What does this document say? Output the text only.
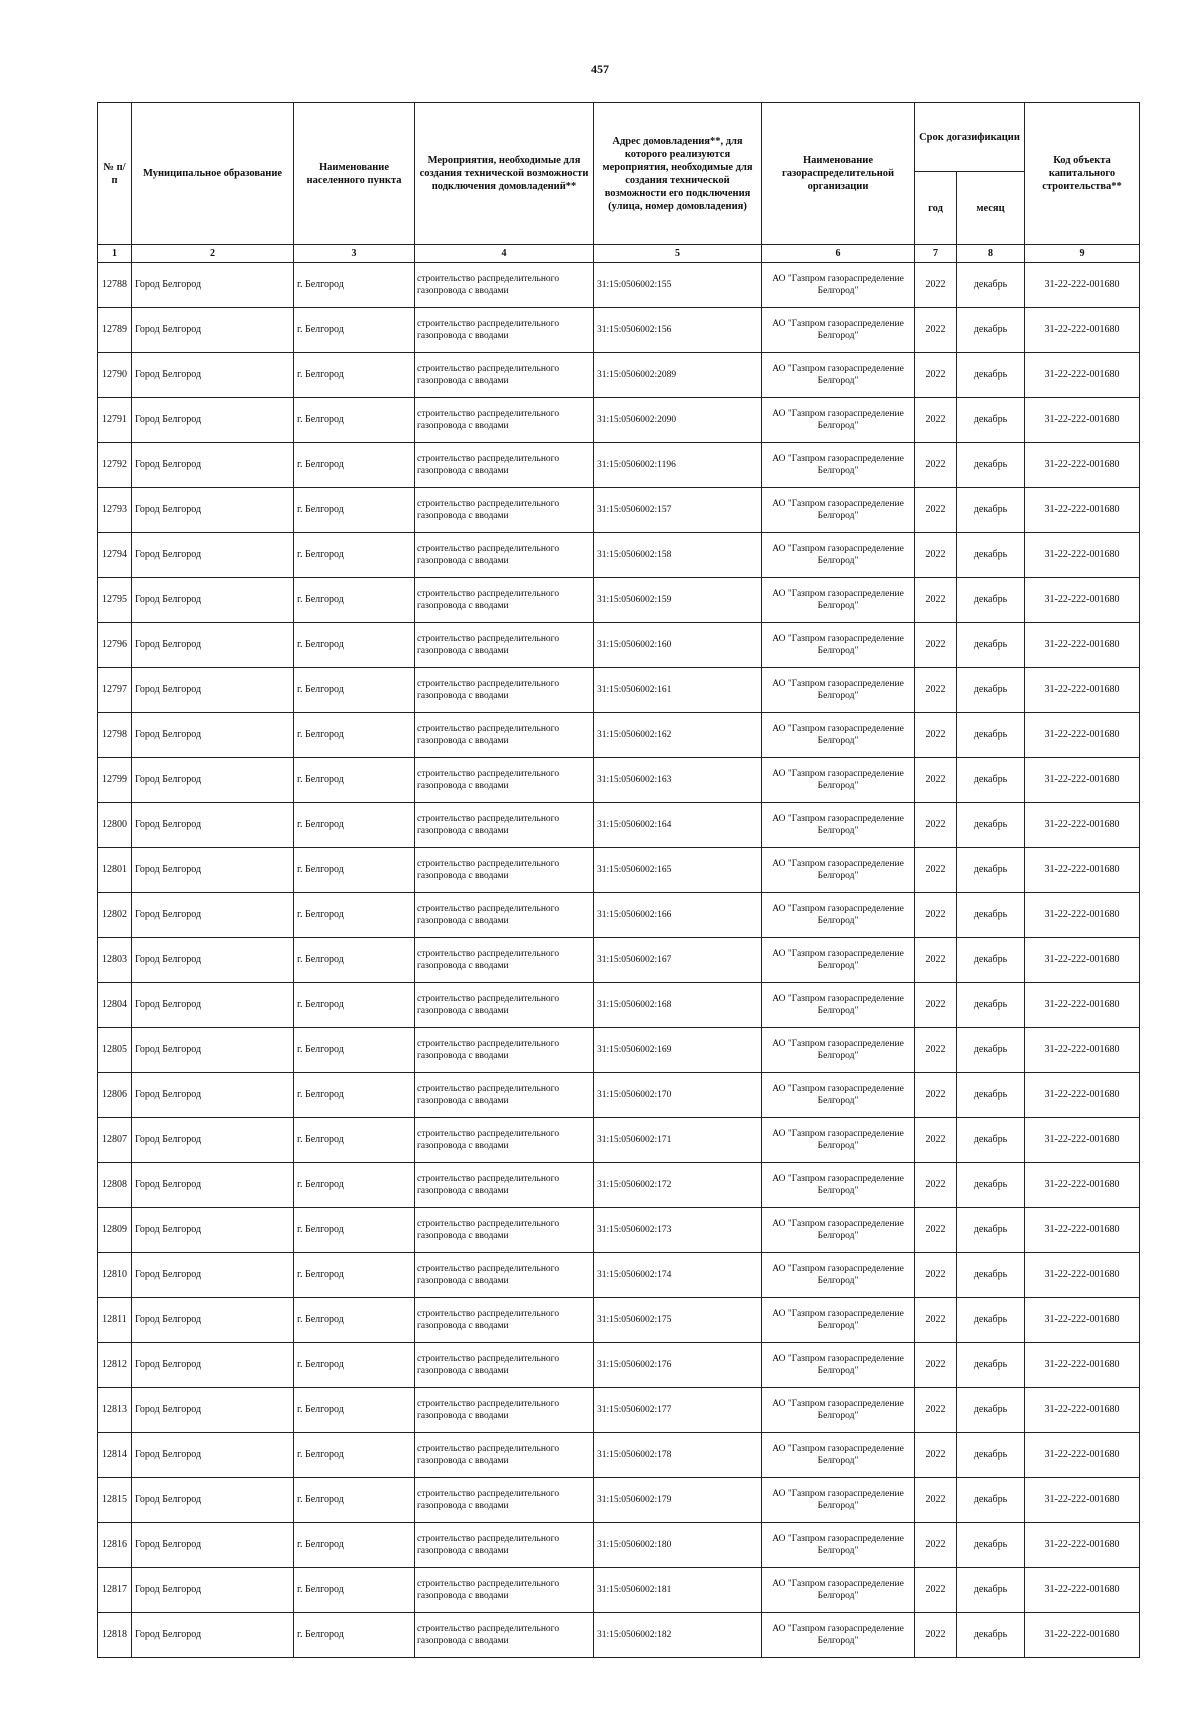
457
№ п/п	Муниципальное образование	Наименование населенного пункта	Мероприятия, необходимые для создания технической возможности подключения домовладений**	Адрес домовладения**, для которого реализуются мероприятия, необходимые для создания технической возможности его подключения (улица, номер домовладения)	Наименование газораспределительной организации	Срок догазификации		Код объекта капитального строительства**
						год	месяц	
1	2	3	4	5	6	7	8	9
12788	Город Белгород	г. Белгород	строительство распределительного газопровода с вводами	31:15:0506002:155	АО "Газпром газораспределение Белгород"	2022	декабрь	31-22-222-001680
12789	Город Белгород	г. Белгород	строительство распределительного газопровода с вводами	31:15:0506002:156	АО "Газпром газораспределение Белгород"	2022	декабрь	31-22-222-001680
12790	Город Белгород	г. Белгород	строительство распределительного газопровода с вводами	31:15:0506002:2089	АО "Газпром газораспределение Белгород"	2022	декабрь	31-22-222-001680
12791	Город Белгород	г. Белгород	строительство распределительного газопровода с вводами	31:15:0506002:2090	АО "Газпром газораспределение Белгород"	2022	декабрь	31-22-222-001680
12792	Город Белгород	г. Белгород	строительство распределительного газопровода с вводами	31:15:0506002:1196	АО "Газпром газораспределение Белгород"	2022	декабрь	31-22-222-001680
12793	Город Белгород	г. Белгород	строительство распределительного газопровода с вводами	31:15:0506002:157	АО "Газпром газораспределение Белгород"	2022	декабрь	31-22-222-001680
12794	Город Белгород	г. Белгород	строительство распределительного газопровода с вводами	31:15:0506002:158	АО "Газпром газораспределение Белгород"	2022	декабрь	31-22-222-001680
12795	Город Белгород	г. Белгород	строительство распределительного газопровода с вводами	31:15:0506002:159	АО "Газпром газораспределение Белгород"	2022	декабрь	31-22-222-001680
12796	Город Белгород	г. Белгород	строительство распределительного газопровода с вводами	31:15:0506002:160	АО "Газпром газораспределение Белгород"	2022	декабрь	31-22-222-001680
12797	Город Белгород	г. Белгород	строительство распределительного газопровода с вводами	31:15:0506002:161	АО "Газпром газораспределение Белгород"	2022	декабрь	31-22-222-001680
12798	Город Белгород	г. Белгород	строительство распределительного газопровода с вводами	31:15:0506002:162	АО "Газпром газораспределение Белгород"	2022	декабрь	31-22-222-001680
12799	Город Белгород	г. Белгород	строительство распределительного газопровода с вводами	31:15:0506002:163	АО "Газпром газораспределение Белгород"	2022	декабрь	31-22-222-001680
12800	Город Белгород	г. Белгород	строительство распределительного газопровода с вводами	31:15:0506002:164	АО "Газпром газораспределение Белгород"	2022	декабрь	31-22-222-001680
12801	Город Белгород	г. Белгород	строительство распределительного газопровода с вводами	31:15:0506002:165	АО "Газпром газораспределение Белгород"	2022	декабрь	31-22-222-001680
12802	Город Белгород	г. Белгород	строительство распределительного газопровода с вводами	31:15:0506002:166	АО "Газпром газораспределение Белгород"	2022	декабрь	31-22-222-001680
12803	Город Белгород	г. Белгород	строительство распределительного газопровода с вводами	31:15:0506002:167	АО "Газпром газораспределение Белгород"	2022	декабрь	31-22-222-001680
12804	Город Белгород	г. Белгород	строительство распределительного газопровода с вводами	31:15:0506002:168	АО "Газпром газораспределение Белгород"	2022	декабрь	31-22-222-001680
12805	Город Белгород	г. Белгород	строительство распределительного газопровода с вводами	31:15:0506002:169	АО "Газпром газораспределение Белгород"	2022	декабрь	31-22-222-001680
12806	Город Белгород	г. Белгород	строительство распределительного газопровода с вводами	31:15:0506002:170	АО "Газпром газораспределение Белгород"	2022	декабрь	31-22-222-001680
12807	Город Белгород	г. Белгород	строительство распределительного газопровода с вводами	31:15:0506002:171	АО "Газпром газораспределение Белгород"	2022	декабрь	31-22-222-001680
12808	Город Белгород	г. Белгород	строительство распределительного газопровода с вводами	31:15:0506002:172	АО "Газпром газораспределение Белгород"	2022	декабрь	31-22-222-001680
12809	Город Белгород	г. Белгород	строительство распределительного газопровода с вводами	31:15:0506002:173	АО "Газпром газораспределение Белгород"	2022	декабрь	31-22-222-001680
12810	Город Белгород	г. Белгород	строительство распределительного газопровода с вводами	31:15:0506002:174	АО "Газпром газораспределение Белгород"	2022	декабрь	31-22-222-001680
12811	Город Белгород	г. Белгород	строительство распределительного газопровода с вводами	31:15:0506002:175	АО "Газпром газораспределение Белгород"	2022	декабрь	31-22-222-001680
12812	Город Белгород	г. Белгород	строительство распределительного газопровода с вводами	31:15:0506002:176	АО "Газпром газораспределение Белгород"	2022	декабрь	31-22-222-001680
12813	Город Белгород	г. Белгород	строительство распределительного газопровода с вводами	31:15:0506002:177	АО "Газпром газораспределение Белгород"	2022	декабрь	31-22-222-001680
12814	Город Белгород	г. Белгород	строительство распределительного газопровода с вводами	31:15:0506002:178	АО "Газпром газораспределение Белгород"	2022	декабрь	31-22-222-001680
12815	Город Белгород	г. Белгород	строительство распределительного газопровода с вводами	31:15:0506002:179	АО "Газпром газораспределение Белгород"	2022	декабрь	31-22-222-001680
12816	Город Белгород	г. Белгород	строительство распределительного газопровода с вводами	31:15:0506002:180	АО "Газпром газораспределение Белгород"	2022	декабрь	31-22-222-001680
12817	Город Белгород	г. Белгород	строительство распределительного газопровода с вводами	31:15:0506002:181	АО "Газпром газораспределение Белгород"	2022	декабрь	31-22-222-001680
12818	Город Белгород	г. Белгород	строительство распределительного газопровода с вводами	31:15:0506002:182	АО "Газпром газораспределение Белгород"	2022	декабрь	31-22-222-001680
